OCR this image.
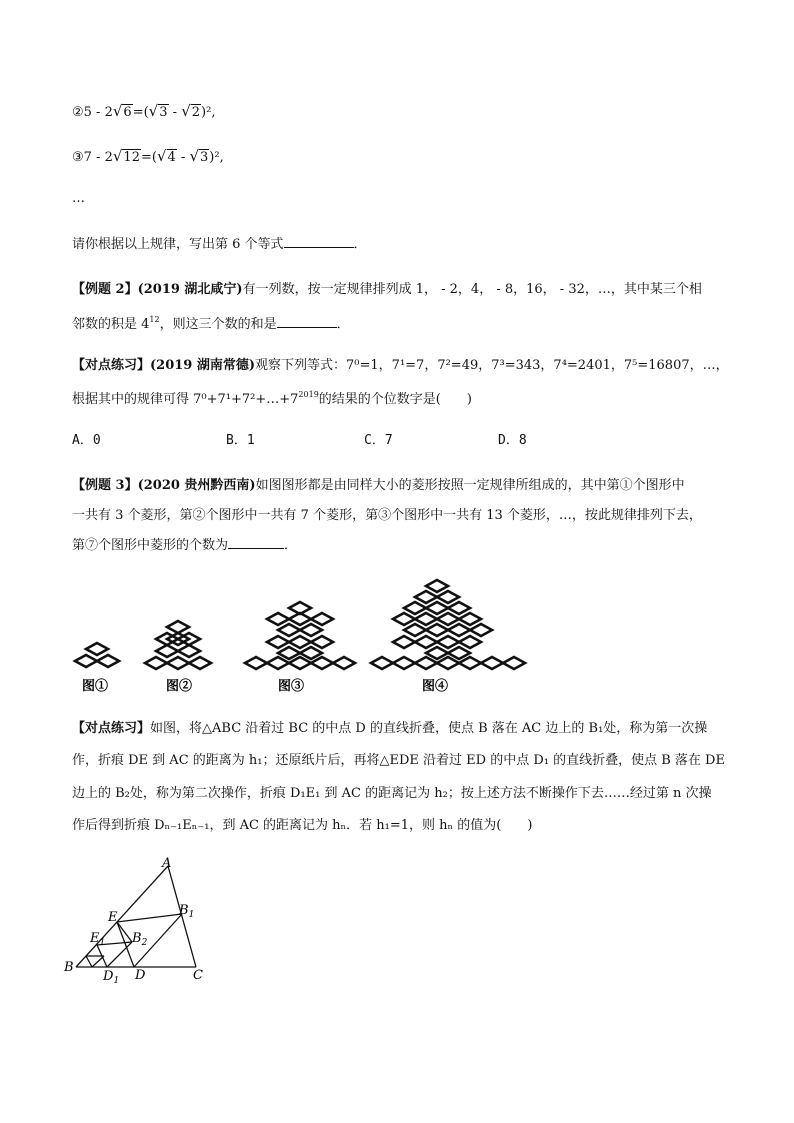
②5 - 2√6=(√3 - √2)²,
③7 - 2√12=(√4 - √3)²,
…
请你根据以上规律，写出第 6 个等式	．
【例题 2】(2019 湖北咸宁)有一列数，按一定规律排列成 1， - 2，4， - 8，16， - 32，…，其中某三个相
邻数的积是 $4^{12}$，则这三个数的和是	．
【对点练习】(2019 湖南常德)观察下列等式：7⁰=1，7¹=7，7²=49，7³=343，7⁴=2401，7⁵=16807，…，
根据其中的规律可得 $7^0+7^1+7^2+\dots+7^{2019}$的结果的个位数字是(　　)
A．0	B．1	C．7	D．8
【例题 3】(2020 贵州黔西南)如图图形都是由同样大小的菱形按照一定规律所组成的，其中第①个图形中
一共有 3 个菱形，第②个图形中一共有 7 个菱形，第③个图形中一共有 13 个菱形，…，按此规律排列下去，
第⑦个图形中菱形的个数为	．
图①	图②	图③	图④
【对点练习】如图，将△ABC 沿着过 BC 的中点 D 的直线折叠，使点 B 落在 AC 边上的 B₁处，称为第一次操
作，折痕 DE 到 AC 的距离为 h₁；还原纸片后，再将△EDE 沿着过 ED 的中点 D₁ 的直线折叠，使点 B 落在 DE
边上的 B₂处，称为第二次操作，折痕 D₁E₁ 到 AC 的距离记为 h₂；按上述方法不断操作下去……经过第 n 次操
作后得到折痕 Dₙ₋₁Eₙ₋₁，到 AC 的距离记为 hₙ．若 h₁=1，则 hₙ 的值为(　　)
A
B
C
D
E	$B_1$
$B_2$
$E_1$
$D_1$
